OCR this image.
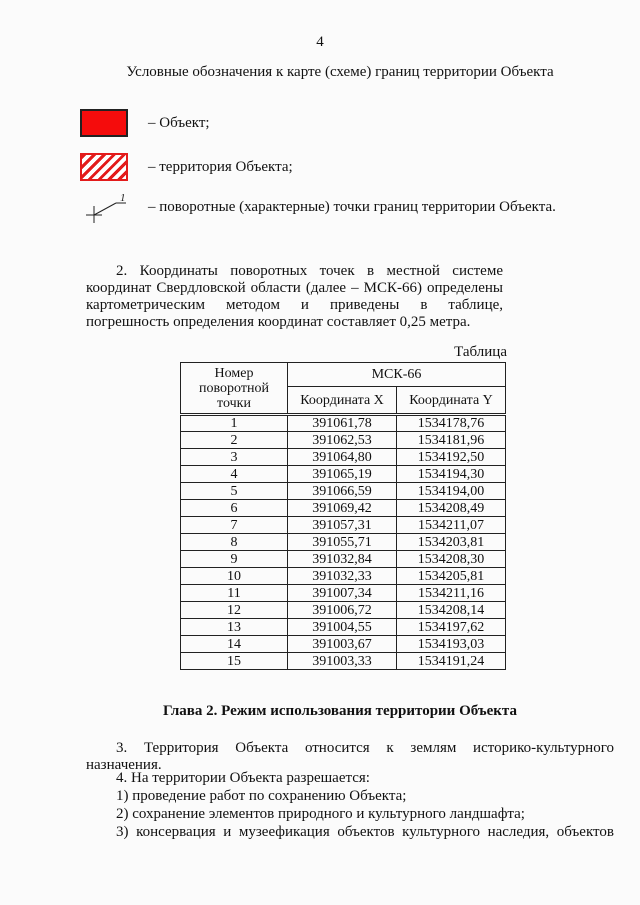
4
Условные обозначения к карте (схеме) границ территории Объекта
– Объект;
– территория Объекта;
1
– поворотные (характерные) точки границ территории Объекта.
2. Координаты поворотных точек в местной системе координат Свердловской области (далее – МСК-66) определены картометрическим методом и приведены в таблице, погрешность определения координат составляет 0,25 метра.
Таблица
Номер поворотной точки	МСК-66	
	Координата X	Координата Y
1	391061,78	1534178,76
2	391062,53	1534181,96
3	391064,80	1534192,50
4	391065,19	1534194,30
5	391066,59	1534194,00
6	391069,42	1534208,49
7	391057,31	1534211,07
8	391055,71	1534203,81
9	391032,84	1534208,30
10	391032,33	1534205,81
11	391007,34	1534211,16
12	391006,72	1534208,14
13	391004,55	1534197,62
14	391003,67	1534193,03
15	391003,33	1534191,24
Глава 2. Режим использования территории Объекта
3. Территория Объекта относится к землям историко-культурного назначения.
4. На территории Объекта разрешается:
1) проведение работ по сохранению Объекта;
2) сохранение элементов природного и культурного ландшафта;
3) консервация и музеефикация объектов культурного наследия, объектов
